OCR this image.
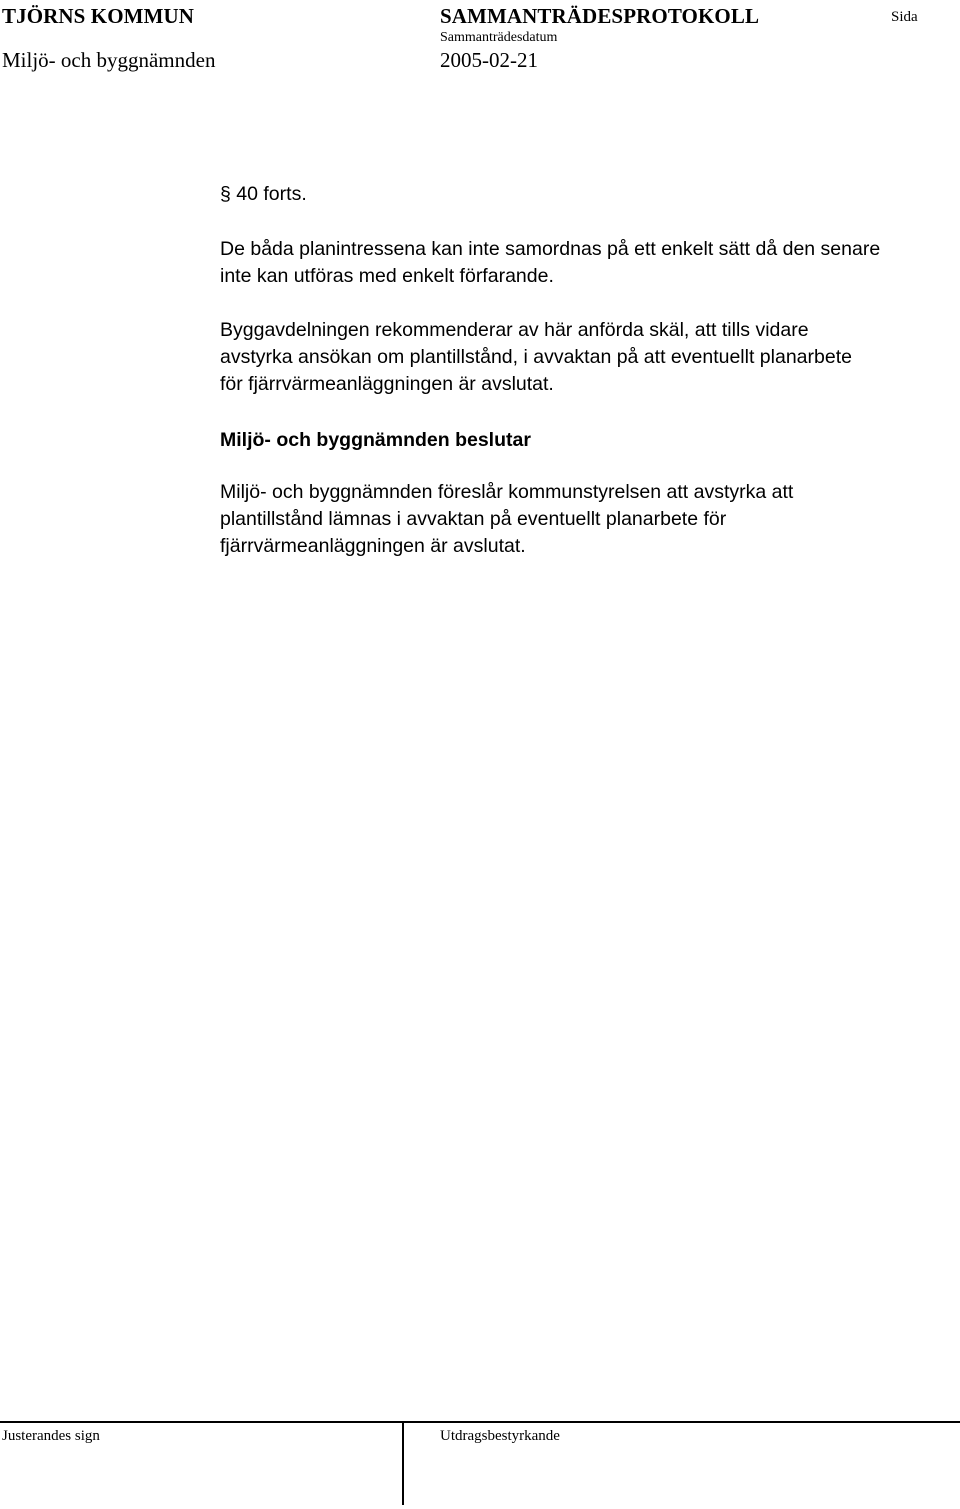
TJÖRNS KOMMUN	SAMMANTRÄDESPROTOKOLL	Sida
Miljö- och byggnämnden
Sammanträdesdatum
2005-02-21
§ 40 forts.
De båda planintressena kan inte samordnas på ett enkelt sätt då den senare
inte kan utföras med enkelt förfarande.
Byggavdelningen rekommenderar av här anförda skäl, att tills vidare
avstyrka ansökan om plantillstånd, i avvaktan på att eventuellt planarbete
för fjärrvärmeanläggningen är avslutat.
Miljö- och byggnämnden beslutar
Miljö- och byggnämnden föreslår kommunstyrelsen att avstyrka att
plantillstånd lämnas i avvaktan på eventuellt planarbete för
fjärrvärmeanläggningen är avslutat.
Justerandes sign	Utdragsbestyrkande
